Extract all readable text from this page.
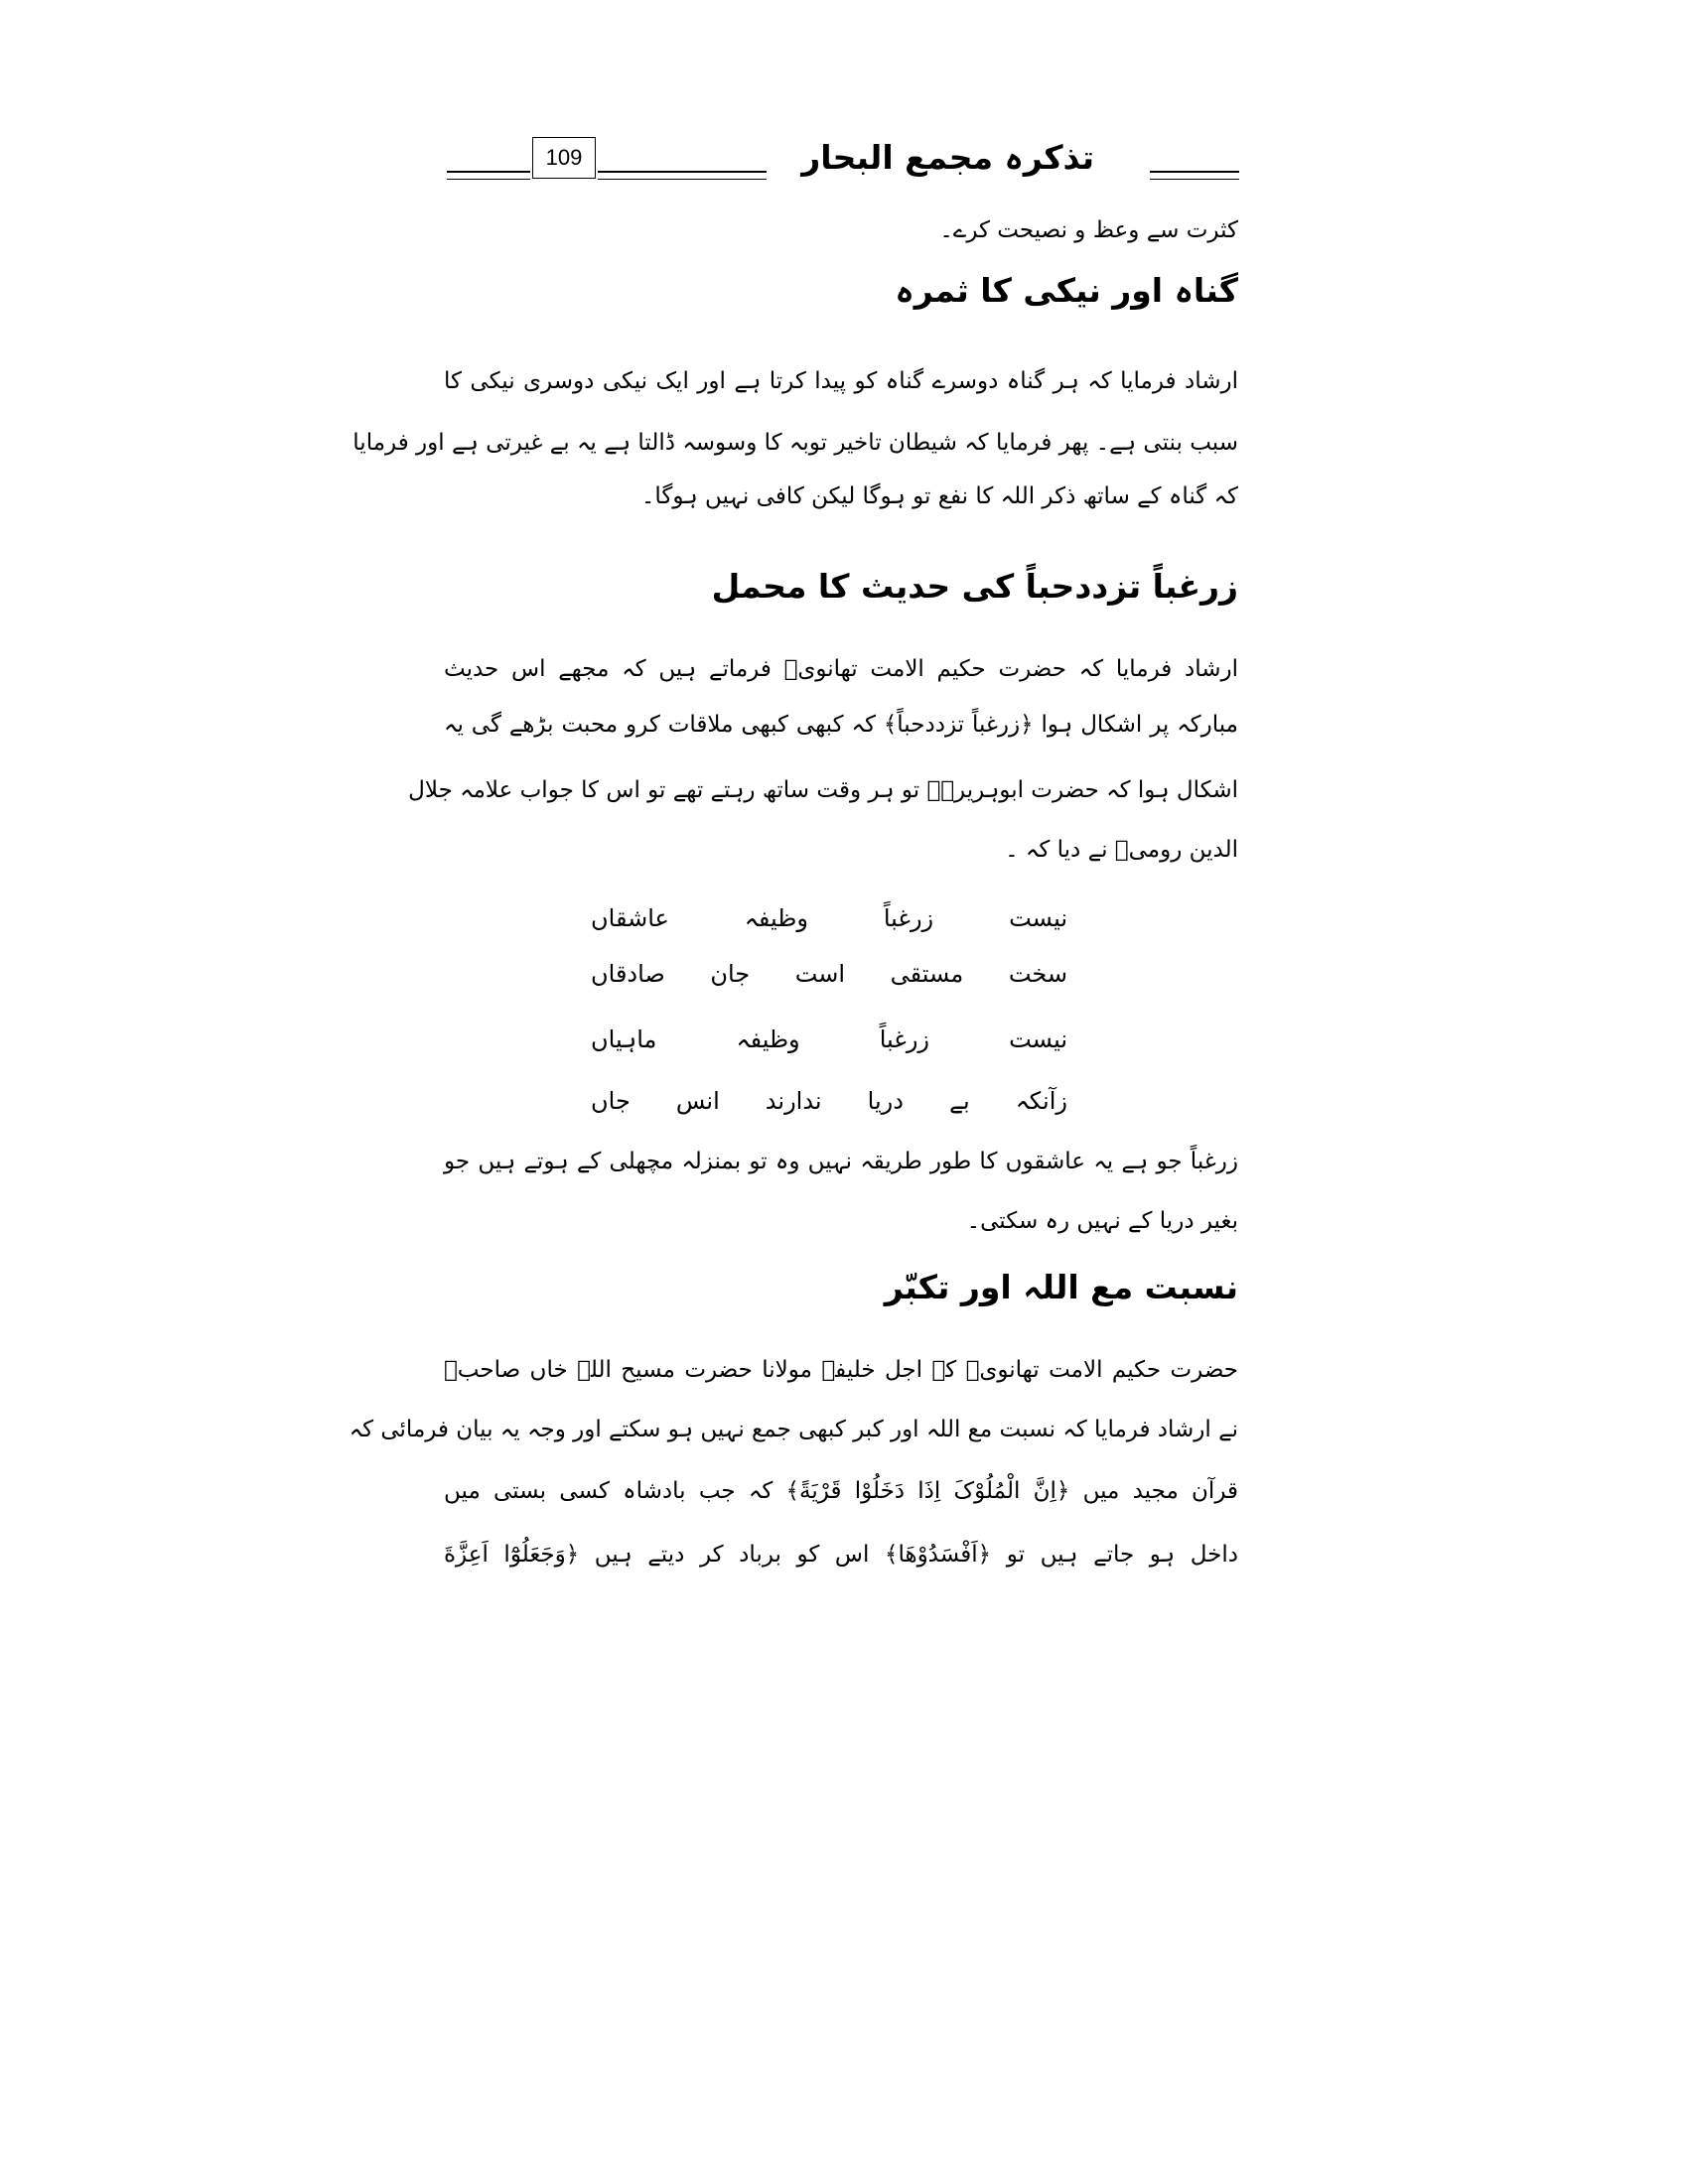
109	تذکرہ مجمع البحار
کثرت سے وعظ و نصیحت کرے۔
گناہ اور نیکی کا ثمرہ
ارشاد فرمایا کہ ہر گناہ دوسرے گناہ کو پیدا کرتا ہے اور ایک نیکی دوسری نیکی کا
سبب بنتی ہے۔ پھر فرمایا کہ شیطان تاخیر توبہ کا وسوسہ ڈالتا ہے یہ بے غیرتی ہے اور فرمایا
کہ گناہ کے ساتھ ذکر اللہ کا نفع تو ہوگا لیکن کافی نہیں ہوگا۔
زرغباً تزددحباً کی حدیث کا محمل
ارشاد فرمایا کہ حضرت حکیم الامت تھانویؒ فرماتے ہیں کہ مجھے اس حدیث
مبارکہ پر اشکال ہوا ﴿زرغباً تزددحباً﴾ کہ کبھی کبھی ملاقات کرو محبت بڑھے گی یہ
اشکال ہوا کہ حضرت ابوہریرہؓ تو ہر وقت ساتھ رہتے تھے تو اس کا جواب علامہ جلال
الدین رومیؒ نے دیا کہ ۔
نیست
زرغباً
وظیفہ
عاشقاں
سخت
مستقی
است
جان
صادقاں
نیست
زرغباً
وظیفہ
ماہیاں
زآنکہ
بے
دریا
ندارند
انس
جاں
زرغباً جو ہے یہ عاشقوں کا طور طریقہ نہیں وہ تو بمنزلہ مچھلی کے ہوتے ہیں جو
بغیر دریا کے نہیں رہ سکتی۔
نسبت مع اللہ اور تکبّر
حضرت حکیم الامت تھانویؒ کے اجل خلیفہ مولانا حضرت مسیح اللہ خاں صاحبؒ
نے ارشاد فرمایا کہ نسبت مع اللہ اور کبر کبھی جمع نہیں ہو سکتے اور وجہ یہ بیان فرمائی کہ
قرآن مجید میں ﴿اِنَّ الْمُلُوْکَ اِذَا دَخَلُوْا قَرْیَةً﴾ کہ جب بادشاہ کسی بستی میں
داخل ہو جاتے ہیں تو ﴿اَفْسَدُوْھَا﴾ اس کو برباد کر دیتے ہیں ﴿وَجَعَلُوْٓا اَعِزَّةَ
